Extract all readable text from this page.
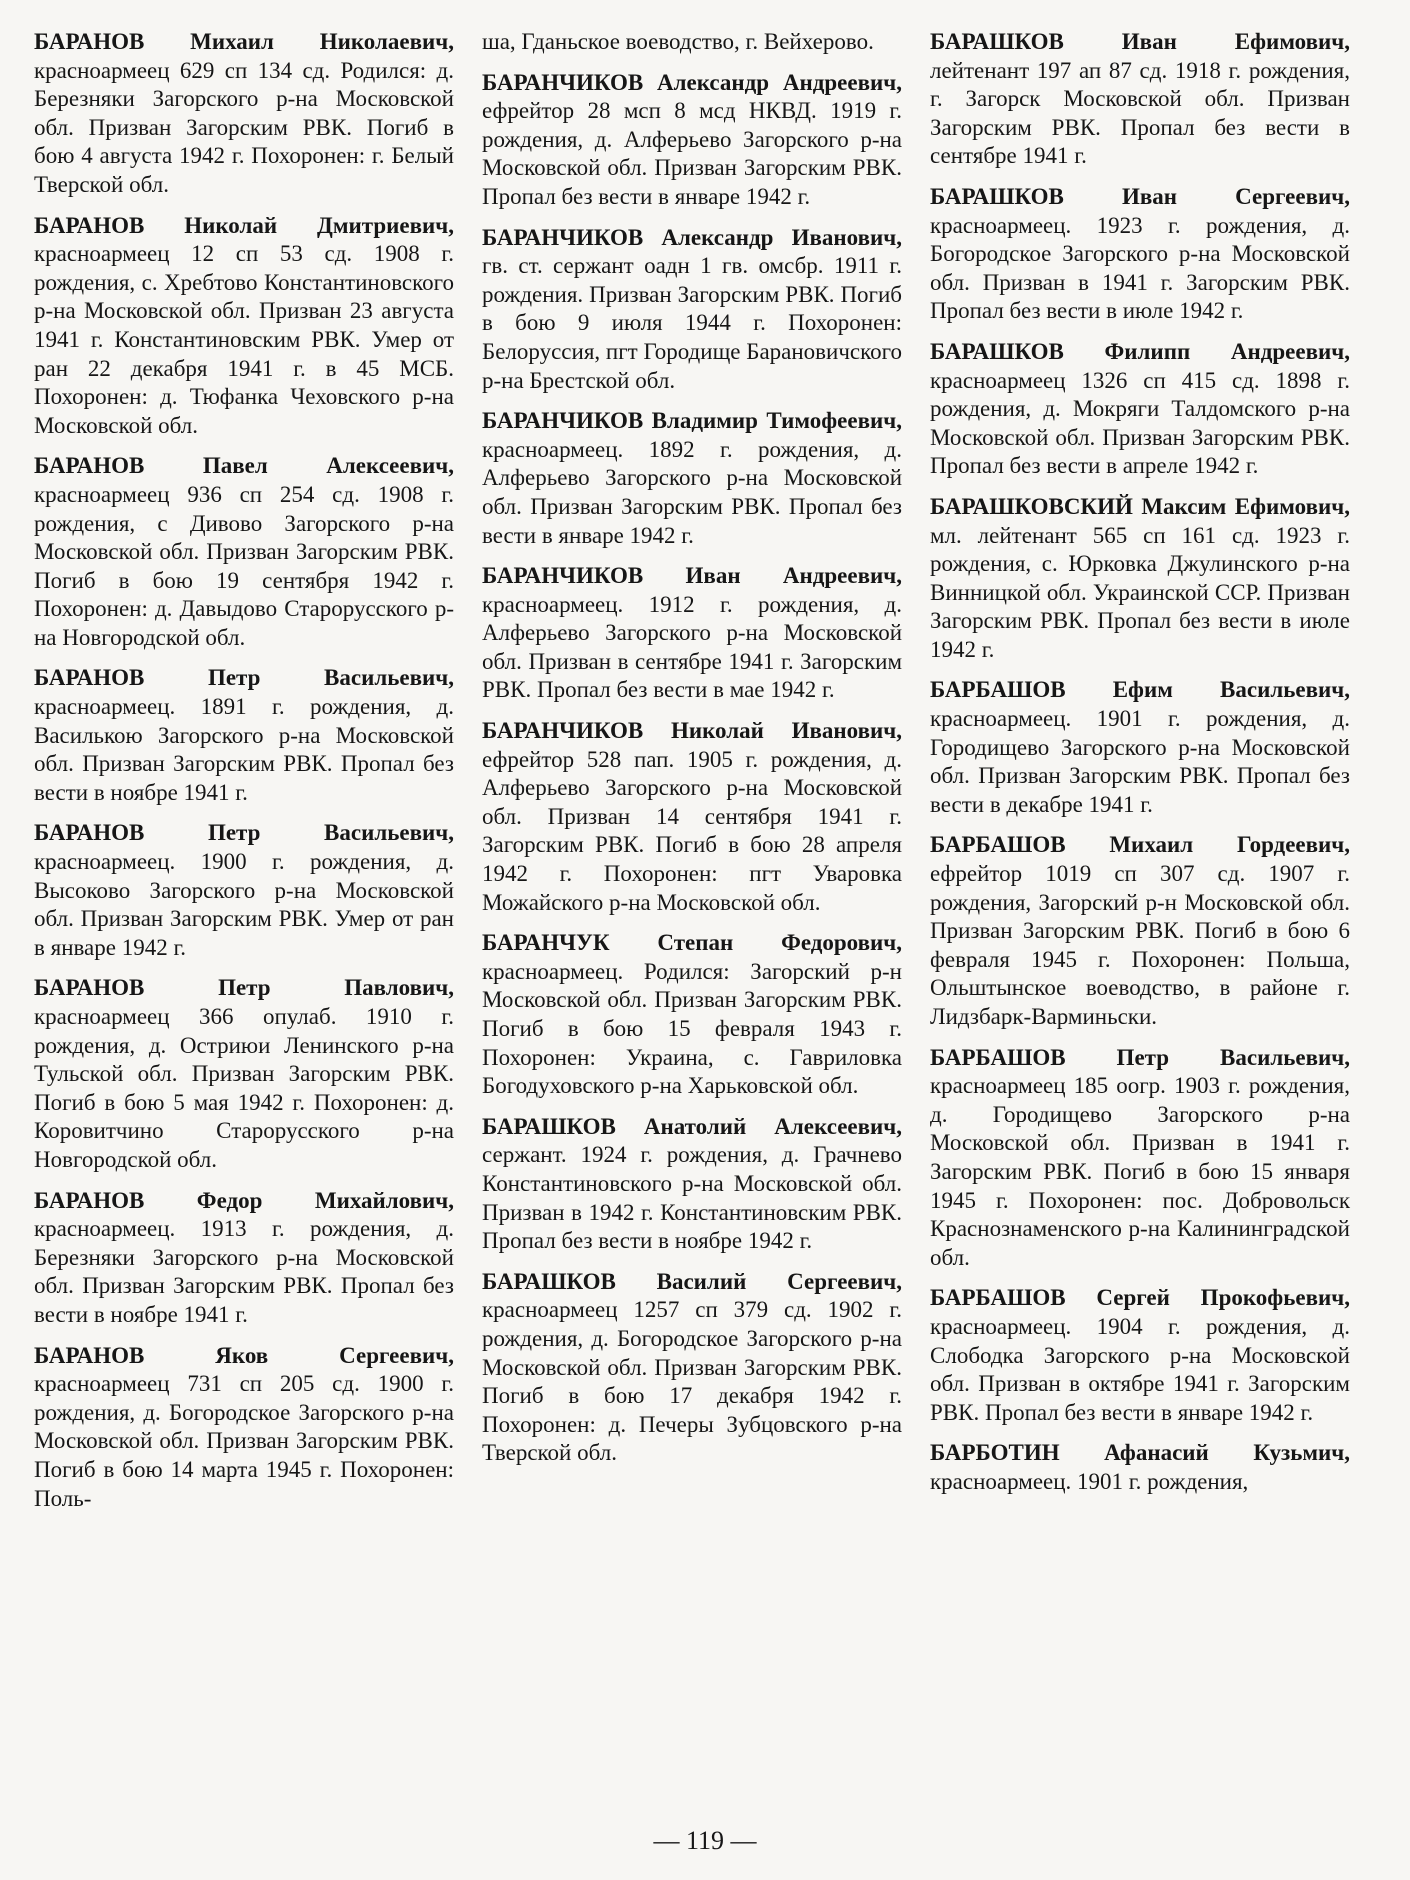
БАРАНОВ Михаил Николаевич, красноармеец 629 сп 134 сд. Родился: д. Березняки Загорского р-на Московской обл. Призван Загорским РВК. Погиб в бою 4 августа 1942 г. Похоронен: г. Белый Тверской обл.

БАРАНОВ Николай Дмитриевич, красноармеец 12 сп 53 сд. 1908 г. рождения, с. Хребтово Константиновского р-на Московской обл. Призван 23 августа 1941 г. Константиновским РВК. Умер от ран 22 декабря 1941 г. в 45 МСБ. Похоронен: д. Тюфанка Чеховского р-на Московской обл.

БАРАНОВ Павел Алексеевич, красноармеец 936 сп 254 сд. 1908 г. рождения, с Дивово Загорского р-на Московской обл. Призван Загорским РВК. Погиб в бою 19 сентября 1942 г. Похоронен: д. Давыдово Старорусского р-на Новгородской обл.

БАРАНОВ Петр Васильевич, красноармеец. 1891 г. рождения, д. Василькою Загорского р-на Московской обл. Призван Загорским РВК. Пропал без вести в ноябре 1941 г.

БАРАНОВ Петр Васильевич, красноармеец. 1900 г. рождения, д. Высоково Загорского р-на Московской обл. Призван Загорским РВК. Умер от ран в январе 1942 г.

БАРАНОВ Петр Павлович, красноармеец 366 опулаб. 1910 г. рождения, д. Остриюи Ленинского р-на Тульской обл. Призван Загорским РВК. Погиб в бою 5 мая 1942 г. Похоронен: д. Коровитчино Старорусского р-на Новгородской обл.

БАРАНОВ Федор Михайлович, красноармеец. 1913 г. рождения, д. Березняки Загорского р-на Московской обл. Призван Загорским РВК. Пропал без вести в ноябре 1941 г.

БАРАНОВ Яков Сергеевич, красноармеец 731 сп 205 сд. 1900 г. рождения, д. Богородское Загорского р-на Московской обл. Призван Загорским РВК. Погиб в бою 14 марта 1945 г. Похоронен: Поль-

ша, Гданьское воеводство, г. Вейхерово.

БАРАНЧИКОВ Александр Андреевич, ефрейтор 28 мсп 8 мсд НКВД. 1919 г. рождения, д. Алферьево Загорского р-на Московской обл. Призван Загорским РВК. Пропал без вести в январе 1942 г.

БАРАНЧИКОВ Александр Иванович, гв. ст. сержант оадн 1 гв. омсбр. 1911 г. рождения. Призван Загорским РВК. Погиб в бою 9 июля 1944 г. Похоронен: Белоруссия, пгт Городище Барановичского р-на Брестской обл.

БАРАНЧИКОВ Владимир Тимофеевич, красноармеец. 1892 г. рождения, д. Алферьево Загорского р-на Московской обл. Призван Загорским РВК. Пропал без вести в январе 1942 г.

БАРАНЧИКОВ Иван Андреевич, красноармеец. 1912 г. рождения, д. Алферьево Загорского р-на Московской обл. Призван в сентябре 1941 г. Загорским РВК. Пропал без вести в мае 1942 г.

БАРАНЧИКОВ Николай Иванович, ефрейтор 528 пап. 1905 г. рождения, д. Алферьево Загорского р-на Московской обл. Призван 14 сентября 1941 г. Загорским РВК. Погиб в бою 28 апреля 1942 г. Похоронен: пгт Уваровка Можайского р-на Московской обл.

БАРАНЧУК Степан Федорович, красноармеец. Родился: Загорский р-н Московской обл. Призван Загорским РВК. Погиб в бою 15 февраля 1943 г. Похоронен: Украина, с. Гавриловка Богодуховского р-на Харьковской обл.

БАРАШКОВ Анатолий Алексеевич, сержант. 1924 г. рождения, д. Грачнево Константиновского р-на Московской обл. Призван в 1942 г. Константиновским РВК. Пропал без вести в ноябре 1942 г.

БАРАШКОВ Василий Сергеевич, красноармеец 1257 сп 379 сд. 1902 г. рождения, д. Богородское Загорского р-на Московской обл. Призван Загорским РВК. Погиб в бою 17 декабря 1942 г. Похоронен: д. Печеры Зубцовского р-на Тверской обл.

БАРАШКОВ Иван Ефимович, лейтенант 197 ап 87 сд. 1918 г. рождения, г. Загорск Московской обл. Призван Загорским РВК. Пропал без вести в сентябре 1941 г.

БАРАШКОВ Иван Сергеевич, красноармеец. 1923 г. рождения, д. Богородское Загорского р-на Московской обл. Призван в 1941 г. Загорским РВК. Пропал без вести в июле 1942 г.

БАРАШКОВ Филипп Андреевич, красноармеец 1326 сп 415 сд. 1898 г. рождения, д. Мокряги Талдомского р-на Московской обл. Призван Загорским РВК. Пропал без вести в апреле 1942 г.

БАРАШКОВСКИЙ Максим Ефимович, мл. лейтенант 565 сп 161 сд. 1923 г. рождения, с. Юрковка Джулинского р-на Винницкой обл. Украинской ССР. Призван Загорским РВК. Пропал без вести в июле 1942 г.

БАРБАШОВ Ефим Васильевич, красноармеец. 1901 г. рождения, д. Городищево Загорского р-на Московской обл. Призван Загорским РВК. Пропал без вести в декабре 1941 г.

БАРБАШОВ Михаил Гордеевич, ефрейтор 1019 сп 307 сд. 1907 г. рождения, Загорский р-н Московской обл. Призван Загорским РВК. Погиб в бою 6 февраля 1945 г. Похоронен: Польша, Ольштынское воеводство, в районе г. Лидзбарк-Варминьски.

БАРБАШОВ Петр Васильевич, красноармеец 185 оогр. 1903 г. рождения, д. Городищево Загорского р-на Московской обл. Призван в 1941 г. Загорским РВК. Погиб в бою 15 января 1945 г. Похоронен: пос. Добровольск Краснознаменского р-на Калининградской обл.

БАРБАШОВ Сергей Прокофьевич, красноармеец. 1904 г. рождения, д. Слободка Загорского р-на Московской обл. Призван в октябре 1941 г. Загорским РВК. Пропал без вести в январе 1942 г.

БАРБОТИН Афанасий Кузьмич, красноармеец. 1901 г. рождения,

— 119 —
